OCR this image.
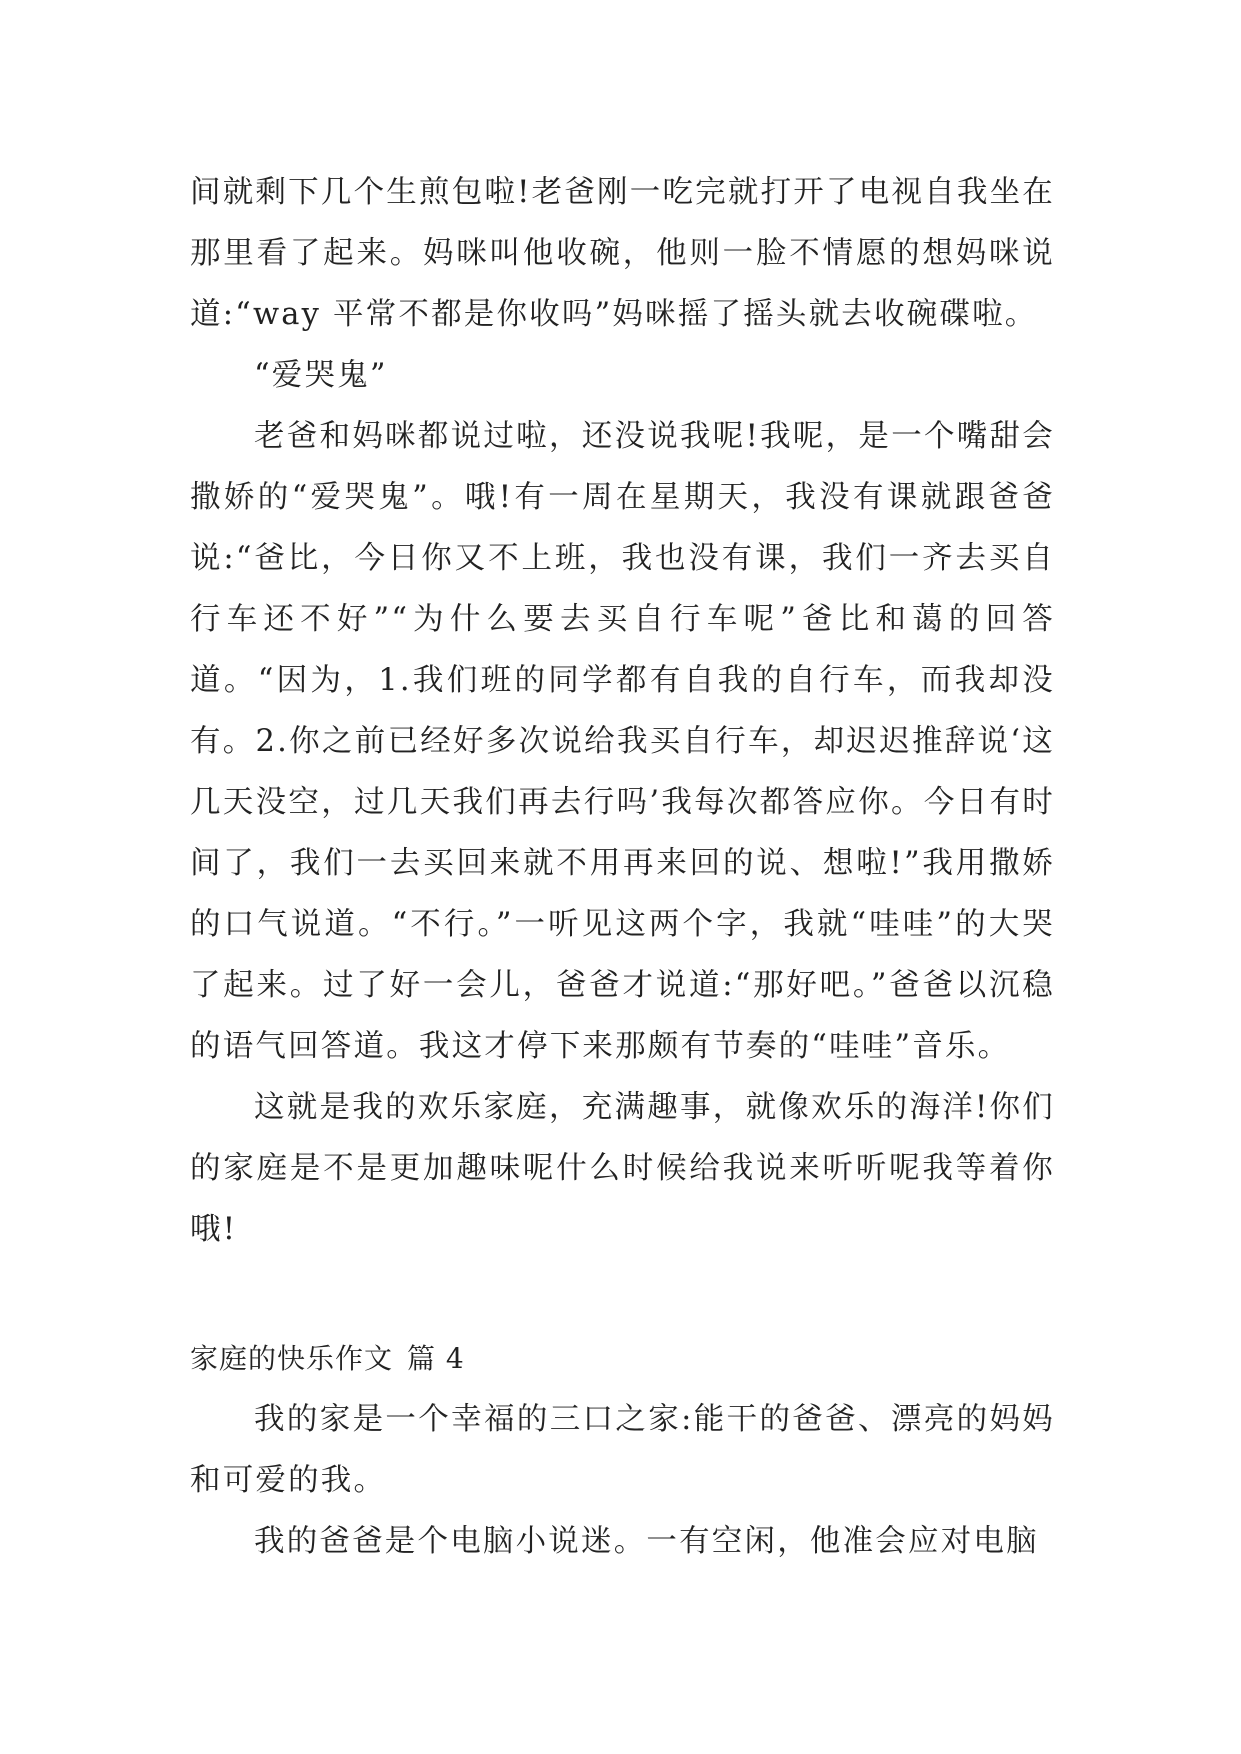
间就剩下几个生煎包啦!老爸刚一吃完就打开了电视自我坐在那里看了起来。妈咪叫他收碗，他则一脸不情愿的想妈咪说道:“way 平常不都是你收吗”妈咪摇了摇头就去收碗碟啦。

“爱哭鬼”

老爸和妈咪都说过啦，还没说我呢!我呢，是一个嘴甜会撒娇的“爱哭鬼”。哦!有一周在星期天，我没有课就跟爸爸说:“爸比，今日你又不上班，我也没有课，我们一齐去买自行车还不好”“为什么要去买自行车呢”爸比和蔼的回答道。“因为，1.我们班的同学都有自我的自行车，而我却没有。2.你之前已经好多次说给我买自行车，却迟迟推辞说‘这几天没空，过几天我们再去行吗’我每次都答应你。今日有时间了，我们一去买回来就不用再来回的说、想啦!”我用撒娇的口气说道。“不行。”一听见这两个字，我就“哇哇”的大哭了起来。过了好一会儿，爸爸才说道:“那好吧。”爸爸以沉稳的语气回答道。我这才停下来那颇有节奏的“哇哇”音乐。

这就是我的欢乐家庭，充满趣事，就像欢乐的海洋!你们的家庭是不是更加趣味呢什么时候给我说来听听呢我等着你哦!

家庭的快乐作文 篇 4

我的家是一个幸福的三口之家:能干的爸爸、漂亮的妈妈和可爱的我。

我的爸爸是个电脑小说迷。一有空闲，他准会应对电脑
